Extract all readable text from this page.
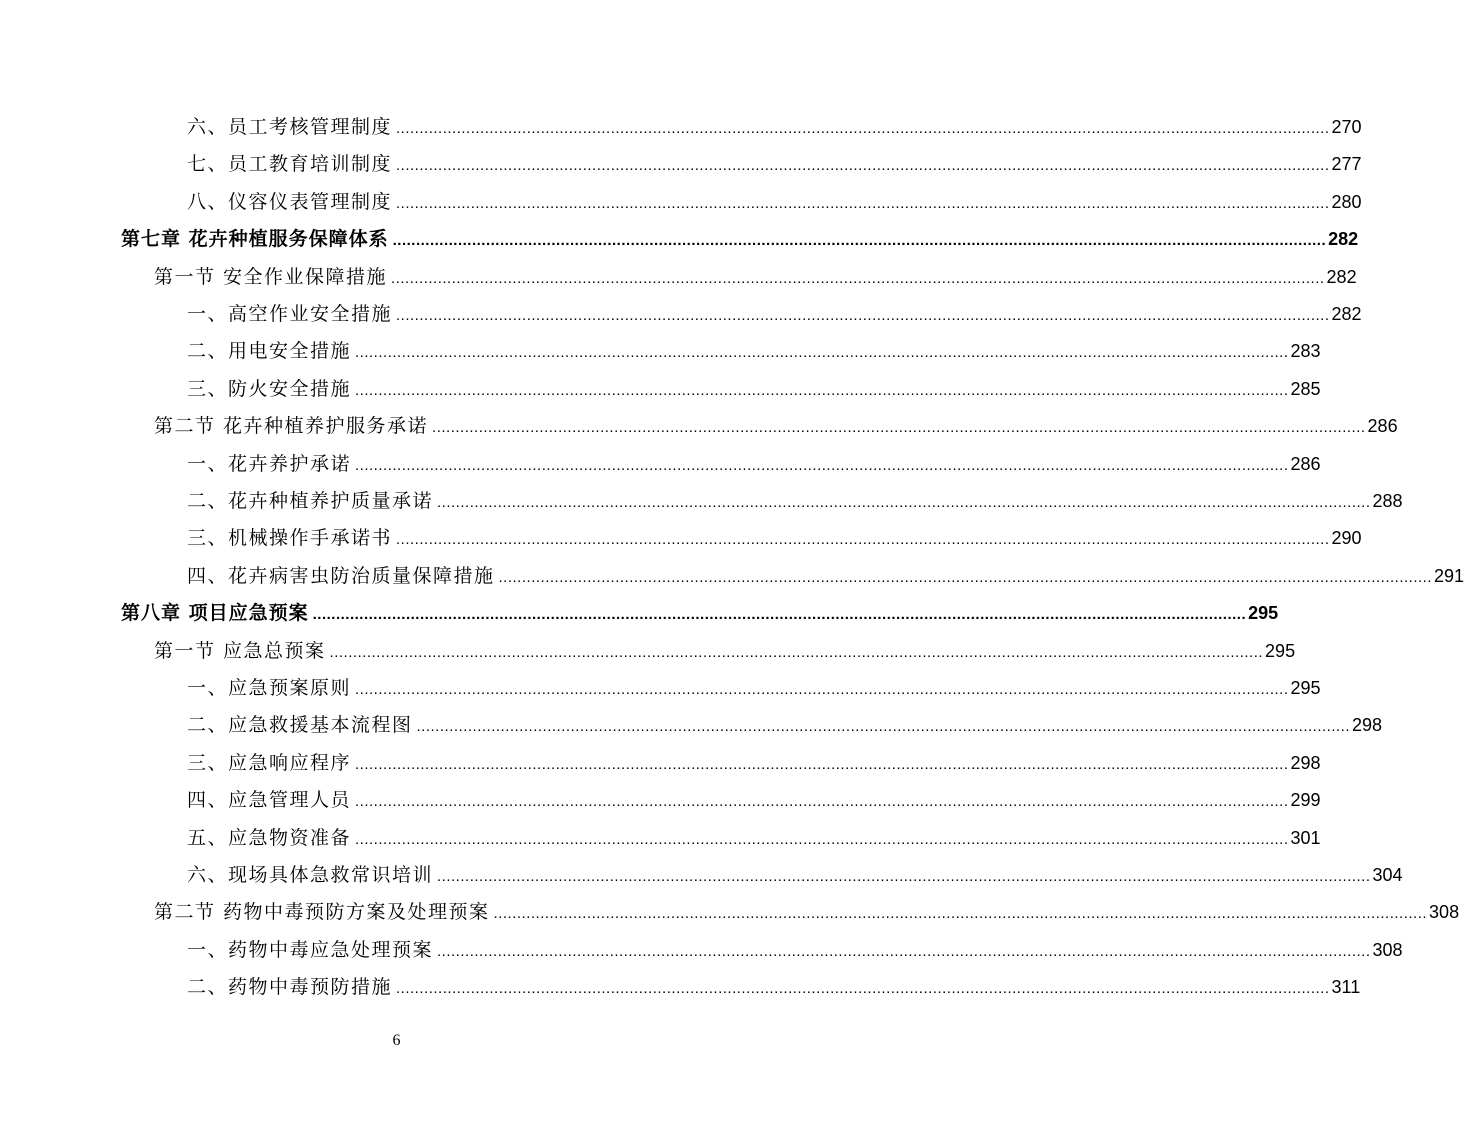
六、员工考核管理制度 ........................................................................................................................................................................................................ 270
七、员工教育培训制度 ........................................................................................................................................................................................................ 277
八、仪容仪表管理制度 ........................................................................................................................................................................................................ 280
第七章 花卉种植服务保障体系 ........................................................................................................................................................................................................ 282
第一节 安全作业保障措施 ........................................................................................................................................................................................................ 282
一、高空作业安全措施 ........................................................................................................................................................................................................ 282
二、用电安全措施 ........................................................................................................................................................................................................ 283
三、防火安全措施 ........................................................................................................................................................................................................ 285
第二节 花卉种植养护服务承诺 ........................................................................................................................................................................................................ 286
一、花卉养护承诺 ........................................................................................................................................................................................................ 286
二、花卉种植养护质量承诺 ........................................................................................................................................................................................................ 288
三、机械操作手承诺书 ........................................................................................................................................................................................................ 290
四、花卉病害虫防治质量保障措施 ........................................................................................................................................................................................................ 291
第八章 项目应急预案 ........................................................................................................................................................................................................ 295
第一节 应急总预案 ........................................................................................................................................................................................................ 295
一、应急预案原则 ........................................................................................................................................................................................................ 295
二、应急救援基本流程图 ........................................................................................................................................................................................................ 298
三、应急响应程序 ........................................................................................................................................................................................................ 298
四、应急管理人员 ........................................................................................................................................................................................................ 299
五、应急物资准备 ........................................................................................................................................................................................................ 301
六、现场具体急救常识培训 ........................................................................................................................................................................................................ 304
第二节 药物中毒预防方案及处理预案 ........................................................................................................................................................................................................ 308
一、药物中毒应急处理预案 ........................................................................................................................................................................................................ 308
二、药物中毒预防措施 ........................................................................................................................................................................................................ 311
6
